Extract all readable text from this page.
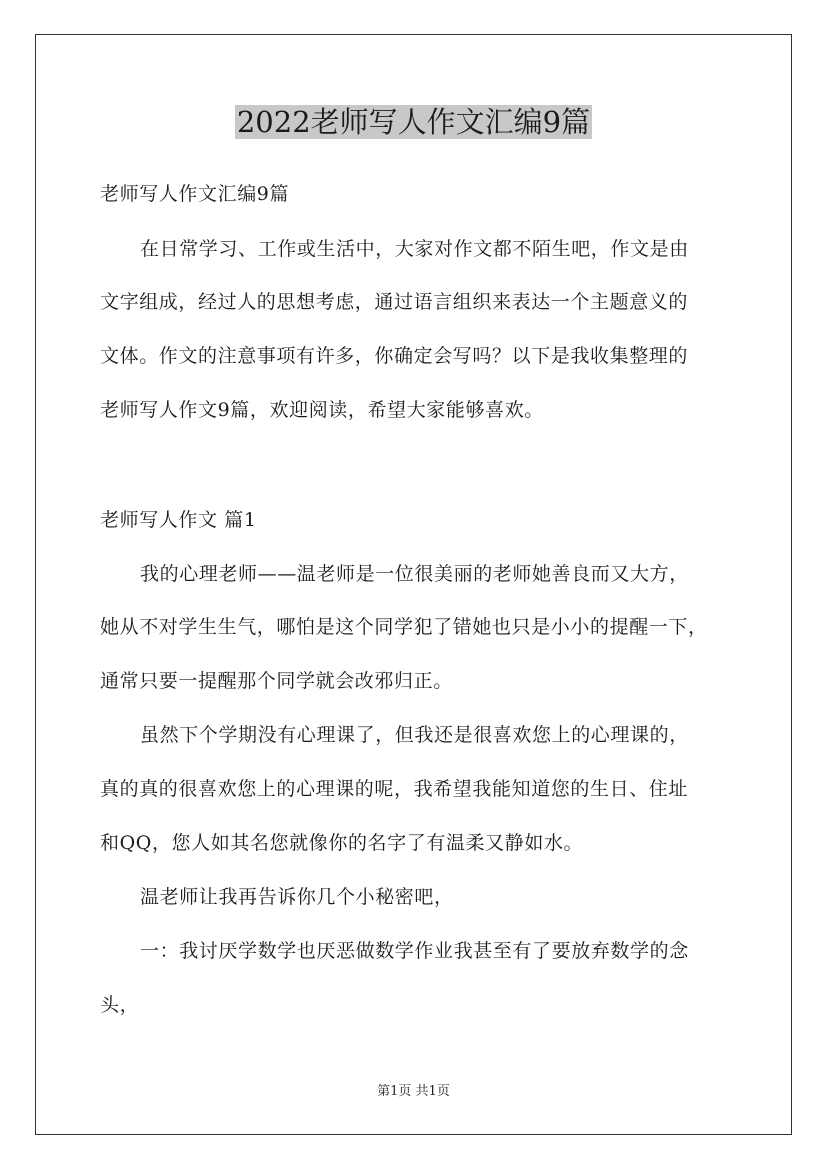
2022老师写人作文汇编9篇
老师写人作文汇编9篇
在日常学习、工作或生活中，大家对作文都不陌生吧，作文是由
文字组成，经过人的思想考虑，通过语言组织来表达一个主题意义的
文体。作文的注意事项有许多，你确定会写吗？以下是我收集整理的
老师写人作文9篇，欢迎阅读，希望大家能够喜欢。
老师写人作文 篇1
我的心理老师——温老师是一位很美丽的老师她善良而又大方，
她从不对学生生气，哪怕是这个同学犯了错她也只是小小的提醒一下，
通常只要一提醒那个同学就会改邪归正。
虽然下个学期没有心理课了，但我还是很喜欢您上的心理课的，
真的真的很喜欢您上的心理课的呢，我希望我能知道您的生日、住址
和QQ，您人如其名您就像你的名字了有温柔又静如水。
温老师让我再告诉你几个小秘密吧，
一：我讨厌学数学也厌恶做数学作业我甚至有了要放弃数学的念
头，
第1页 共1页
